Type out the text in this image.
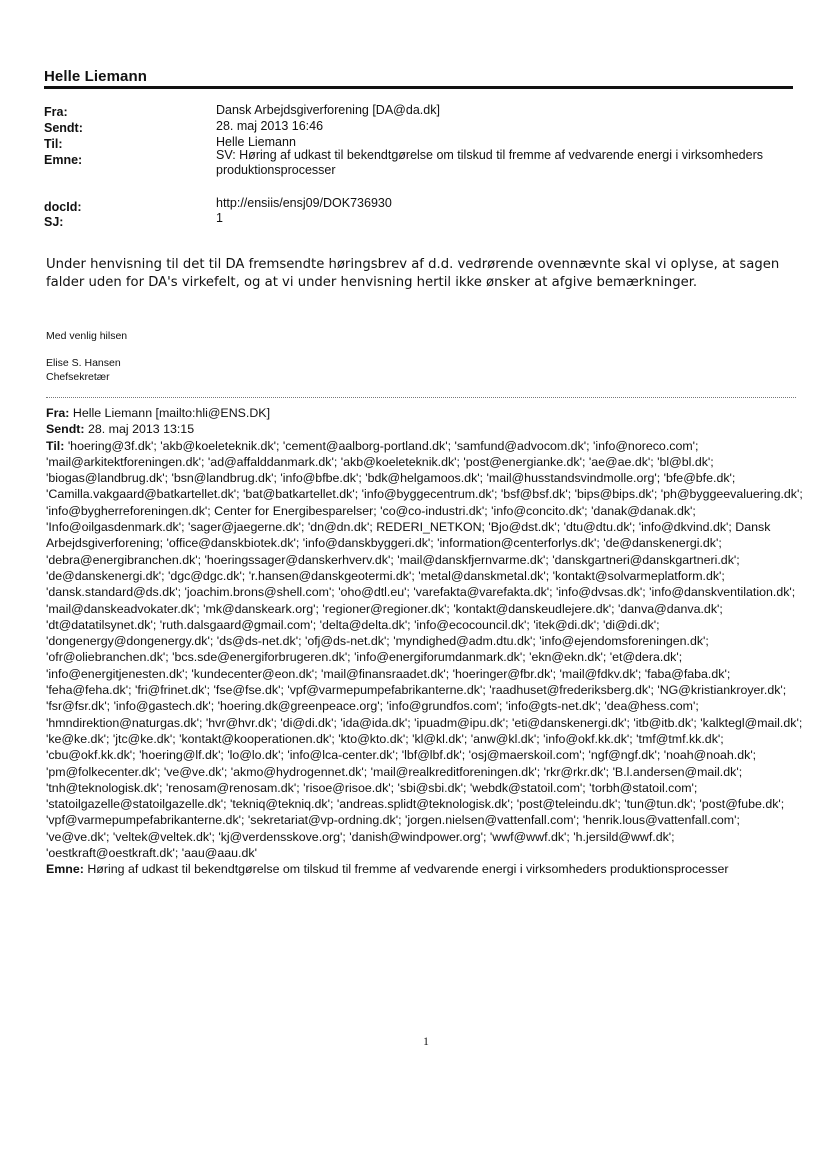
Helle Liemann
Fra:	Dansk Arbejdsgiverforening [DA@da.dk]
Sendt:	28. maj 2013 16:46
Til:	Helle Liemann
Emne:	SV: Høring af udkast til bekendtgørelse om tilskud til fremme af vedvarende energi i virksomheders produktionsprocesser
docId:	http://ensiis/ensj09/DOK736930
SJ:	1
Under henvisning til det til DA fremsendte høringsbrev af d.d. vedrørende ovennævnte skal vi oplyse, at sagen falder uden for DA's virkefelt, og at vi under henvisning hertil ikke ønsker at afgive bemærkninger.
Med venlig hilsen
Elise S. Hansen
Chefsekretær
Fra: Helle Liemann [mailto:hli@ENS.DK]
Sendt: 28. maj 2013 13:15
Til: 'hoering@3f.dk'; 'akb@koeleteknik.dk'; 'cement@aalborg-portland.dk'; 'samfund@advocom.dk'; 'info@noreco.com'; 'mail@arkitektforeningen.dk'; 'ad@affalddanmark.dk'; 'akb@koeleteknik.dk'; 'post@energianke.dk'; 'ae@ae.dk'; 'bl@bl.dk'; 'biogas@landbrug.dk'; 'bsn@landbrug.dk'; 'info@bfbe.dk'; 'bdk@helgamoos.dk'; 'mail@husstandsvindmolle.org'; 'bfe@bfe.dk'; 'Camilla.vakgaard@batkartellet.dk'; 'bat@batkartellet.dk'; 'info@byggecentrum.dk'; 'bsf@bsf.dk'; 'bips@bips.dk'; 'ph@byggeevaluering.dk'; 'info@bygherreforeningen.dk'; Center for Energibesparelser; 'co@co-industri.dk'; 'info@concito.dk'; 'danak@danak.dk'; 'Info@oilgasdenmark.dk'; 'sager@jaegerne.dk'; 'dn@dn.dk'; REDERI_NETKON; 'Bjo@dst.dk'; 'dtu@dtu.dk'; 'info@dkvind.dk'; Dansk Arbejdsgiverforening; 'office@danskbiotek.dk'; 'info@danskbyggeri.dk'; 'information@centerforlys.dk'; 'de@danskenergi.dk'; 'debra@energibranchen.dk'; 'hoeringssager@danskerhverv.dk'; 'mail@danskfjernvarme.dk'; 'danskgartneri@danskgartneri.dk'; 'de@danskenergi.dk'; 'dgc@dgc.dk'; 'r.hansen@danskgeotermi.dk'; 'metal@danskmetal.dk'; 'kontakt@solvarmeplatform.dk'; 'dansk.standard@ds.dk'; 'joachim.brons@shell.com'; 'oho@dtl.eu'; 'varefakta@varefakta.dk'; 'info@dvsas.dk'; 'info@danskventilation.dk'; 'mail@danskeadvokater.dk'; 'mk@danskeark.org'; 'regioner@regioner.dk'; 'kontakt@danskeudlejere.dk'; 'danva@danva.dk'; 'dt@datatilsynet.dk'; 'ruth.dalsgaard@gmail.com'; 'delta@delta.dk'; 'info@ecocouncil.dk'; 'itek@di.dk'; 'di@di.dk'; 'dongenergy@dongenergy.dk'; 'ds@ds-net.dk'; 'ofj@ds-net.dk'; 'myndighed@adm.dtu.dk'; 'info@ejendomsforeningen.dk'; 'ofr@oliebranchen.dk'; 'bcs.sde@energiforbrugeren.dk'; 'info@energiforumdanmark.dk'; 'ekn@ekn.dk'; 'et@dera.dk'; 'info@energitjenesten.dk'; 'kundecenter@eon.dk'; 'mail@finansraadet.dk'; 'hoeringer@fbr.dk'; 'mail@fdkv.dk'; 'faba@faba.dk'; 'feha@feha.dk'; 'fri@frinet.dk'; 'fse@fse.dk'; 'vpf@varmepumpefabrikanterne.dk'; 'raadhuset@frederiksberg.dk'; 'NG@kristiankroyer.dk'; 'fsr@fsr.dk'; 'info@gastech.dk'; 'hoering.dk@greenpeace.org'; 'info@grundfos.com'; 'info@gts-net.dk'; 'dea@hess.com'; 'hmndirektion@naturgas.dk'; 'hvr@hvr.dk'; 'di@di.dk'; 'ida@ida.dk'; 'ipuadm@ipu.dk'; 'eti@danskenergi.dk'; 'itb@itb.dk'; 'kalktegl@mail.dk'; 'ke@ke.dk'; 'jtc@ke.dk'; 'kontakt@kooperationen.dk'; 'kto@kto.dk'; 'kl@kl.dk'; 'anw@kl.dk'; 'info@okf.kk.dk'; 'tmf@tmf.kk.dk'; 'cbu@okf.kk.dk'; 'hoering@lf.dk'; 'lo@lo.dk'; 'info@lca-center.dk'; 'lbf@lbf.dk'; 'osj@maerskoil.com'; 'ngf@ngf.dk'; 'noah@noah.dk'; 'pm@folkecenter.dk'; 've@ve.dk'; 'akmo@hydrogennet.dk'; 'mail@realkreditforeningen.dk'; 'rkr@rkr.dk'; 'B.l.andersen@mail.dk'; 'tnh@teknologisk.dk'; 'renosam@renosam.dk'; 'risoe@risoe.dk'; 'sbi@sbi.dk'; 'webdk@statoil.com'; 'torbh@statoil.com'; 'statoilgazelle@statoilgazelle.dk'; 'tekniq@tekniq.dk'; 'andreas.splidt@teknologisk.dk'; 'post@teleindu.dk'; 'tun@tun.dk'; 'post@fube.dk'; 'vpf@varmepumpefabrikanterne.dk'; 'sekretariat@vp-ordning.dk'; 'jorgen.nielsen@vattenfall.com'; 'henrik.lous@vattenfall.com'; 've@ve.dk'; 'veltek@veltek.dk'; 'kj@verdensskove.org'; 'danish@windpower.org'; 'wwf@wwf.dk'; 'h.jersild@wwf.dk'; 'oestkraft@oestkraft.dk'; 'aau@aau.dk'
Emne: Høring af udkast til bekendtgørelse om tilskud til fremme af vedvarende energi i virksomheders produktionsprocesser
1
